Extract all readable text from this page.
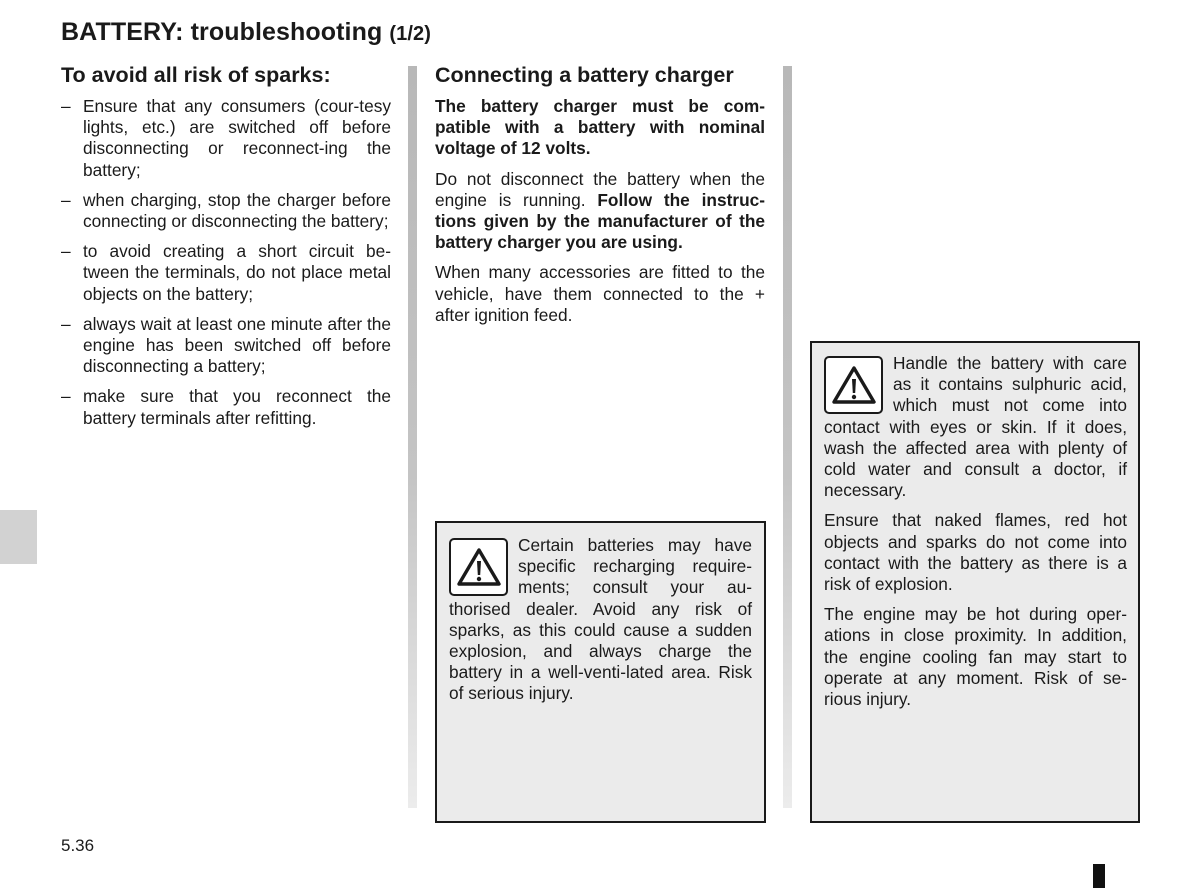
BATTERY: troubleshooting (1/2)
To avoid all risk of sparks:
– Ensure that any consumers (cour-tesy lights, etc.) are switched off before disconnecting or reconnect-ing the battery;
– when charging, stop the charger before connecting or disconnecting the battery;
– to avoid creating a short circuit be-tween the terminals, do not place metal objects on the battery;
– always wait at least one minute after the engine has been switched off before disconnecting a battery;
– make sure that you reconnect the battery terminals after refitting.
Connecting a battery charger

The battery charger must be com-patible with a battery with nominal voltage of 12 volts.

Do not disconnect the battery when the engine is running. Follow the instruc-tions given by the manufacturer of the battery charger you are using.

When many accessories are fitted to the vehicle, have them connected to the + after ignition feed.

Certain batteries may have specific recharging require-ments; consult your au-thorised dealer. Avoid any risk of sparks, as this could cause a sudden explosion, and always charge the battery in a well-venti-lated area. Risk of serious injury.

Handle the battery with care as it contains sulphuric acid, which must not come into contact with eyes or skin. If it does, wash the affected area with plenty of cold water and consult a doctor, if necessary.

Ensure that naked flames, red hot objects and sparks do not come into contact with the battery as there is a risk of explosion.

The engine may be hot during oper-ations in close proximity. In addition, the engine cooling fan may start to operate at any moment. Risk of se-rious injury.

5.36
